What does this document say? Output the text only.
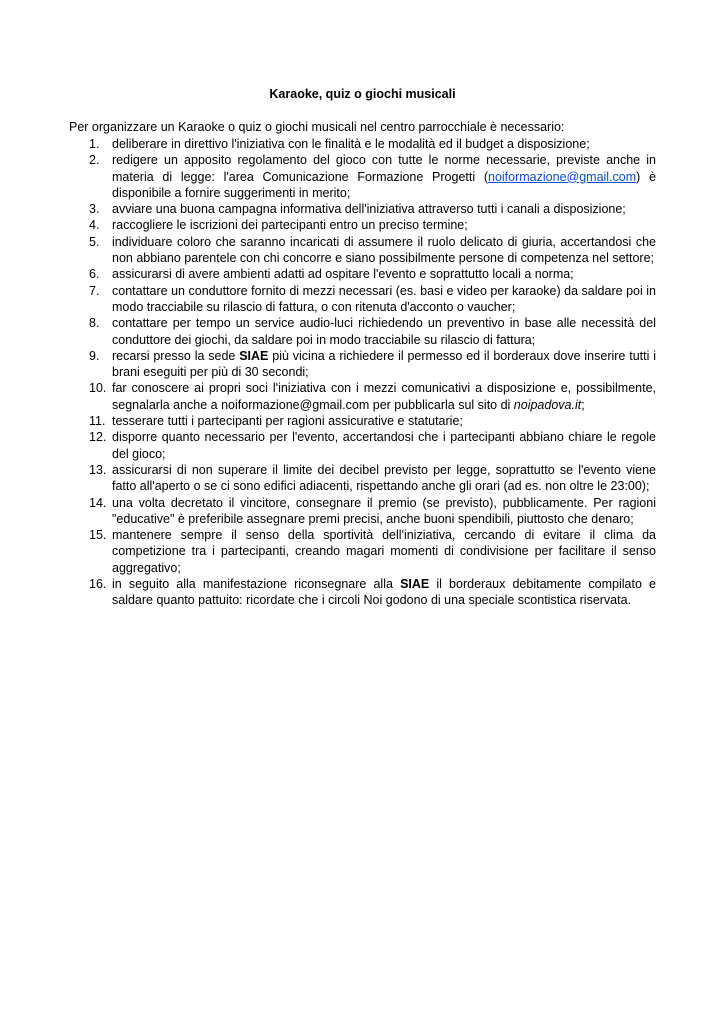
Karaoke, quiz o giochi musicali
Per organizzare un Karaoke o quiz o giochi musicali nel centro parrocchiale è necessario:
1. deliberare in direttivo l'iniziativa con le finalità e le modalità ed il budget a disposizione;
2. redigere un apposito regolamento del gioco con tutte le norme necessarie, previste anche in materia di legge: l'area Comunicazione Formazione Progetti (noiformazione@gmail.com) è disponibile a fornire suggerimenti in merito;
3. avviare una buona campagna informativa dell'iniziativa attraverso tutti i canali a disposizione;
4. raccogliere le iscrizioni dei partecipanti entro un preciso termine;
5. individuare coloro che saranno incaricati di assumere il ruolo delicato di giuria, accertandosi che non abbiano parentele con chi concorre e siano possibilmente persone di competenza nel settore;
6. assicurarsi di avere ambienti adatti ad ospitare l'evento e soprattutto locali a norma;
7. contattare un conduttore fornito di mezzi necessari (es. basi e video per karaoke) da saldare poi in modo tracciabile su rilascio di fattura, o con ritenuta d'acconto o vaucher;
8. contattare per tempo un service audio-luci richiedendo un preventivo in base alle necessità del conduttore dei giochi, da saldare poi in modo tracciabile su rilascio di fattura;
9. recarsi presso la sede SIAE più vicina a richiedere il permesso ed il borderaux dove inserire tutti i brani eseguiti per più di 30 secondi;
10. far conoscere ai propri soci l'iniziativa con i mezzi comunicativi a disposizione e, possibilmente, segnalarla anche a noiformazione@gmail.com per pubblicarla sul sito di noipadova.it;
11. tesserare tutti i partecipanti per ragioni assicurative e statutarie;
12. disporre quanto necessario per l'evento, accertandosi che i partecipanti abbiano chiare le regole del gioco;
13. assicurarsi di non superare il limite dei decibel previsto per legge, soprattutto se l'evento viene fatto all'aperto o se ci sono edifici adiacenti, rispettando anche gli orari (ad es. non oltre le 23:00);
14. una volta decretato il vincitore, consegnare il premio (se previsto), pubblicamente. Per ragioni "educative" è preferibile assegnare premi precisi, anche buoni spendibili, piuttosto che denaro;
15. mantenere sempre il senso della sportività dell'iniziativa, cercando di evitare il clima da competizione tra i partecipanti, creando magari momenti di condivisione per facilitare il senso aggregativo;
16. in seguito alla manifestazione riconsegnare alla SIAE il borderaux debitamente compilato e saldare quanto pattuito: ricordate che i circoli Noi godono di una speciale scontistica riservata.
